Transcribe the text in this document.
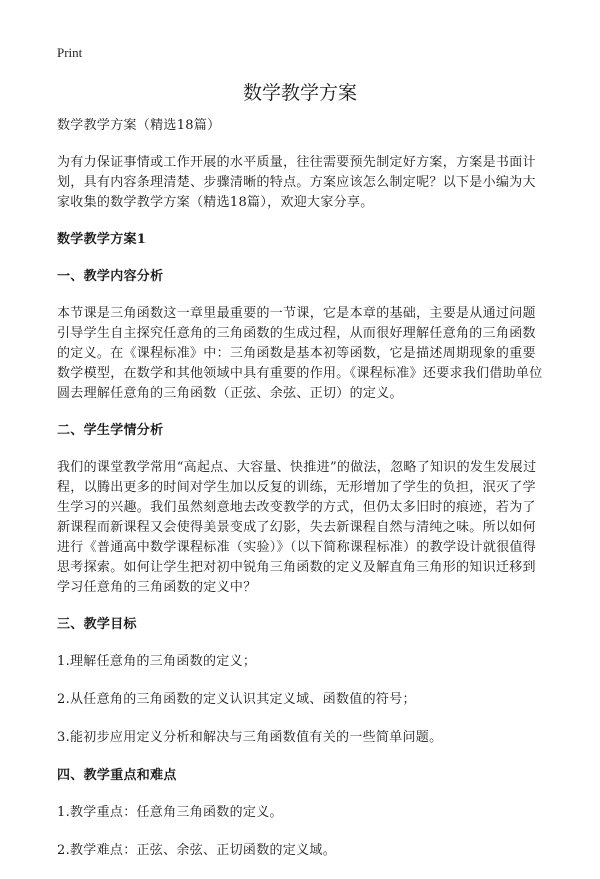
Print
数学教学方案

数学教学方案（精选18篇）

为有力保证事情或工作开展的水平质量，往往需要预先制定好方案，方案是书面计划，具有内容条理清楚、步骤清晰的特点。方案应该怎么制定呢？以下是小编为大家收集的数学教学方案（精选18篇），欢迎大家分享。

数学教学方案1
一、教学内容分析

本节课是三角函数这一章里最重要的一节课，它是本章的基础，主要是从通过问题引导学生自主探究任意角的三角函数的生成过程，从而很好理解任意角的三角函数的定义。在《课程标准》中：三角函数是基本初等函数，它是描述周期现象的重要数学模型，在数学和其他领域中具有重要的作用。《课程标准》还要求我们借助单位圆去理解任意角的三角函数（正弦、余弦、正切）的定义。

二、学生学情分析

我们的课堂教学常用“高起点、大容量、快推进”的做法，忽略了知识的发生发展过程，以腾出更多的时间对学生加以反复的训练，无形增加了学生的负担，泯灭了学生学习的兴趣。我们虽然刻意地去改变教学的方式，但仍太多旧时的痕迹，若为了新课程而新课程又会使得美景变成了幻影，失去新课程自然与清纯之味。所以如何进行《普通高中数学课程标准（实验）》（以下简称课程标准）的教学设计就很值得思考探索。如何让学生把对初中锐角三角函数的定义及解直角三角形的知识迁移到学习任意角的三角函数的定义中？

三、教学目标

1.理解任意角的三角函数的定义；

2.从任意角的三角函数的定义认识其定义域、函数值的符号；

3.能初步应用定义分析和解决与三角函数值有关的一些简单问题。

四、教学重点和难点

1.教学重点：任意角三角函数的定义。

2.教学难点：正弦、余弦、正切函数的定义域。
